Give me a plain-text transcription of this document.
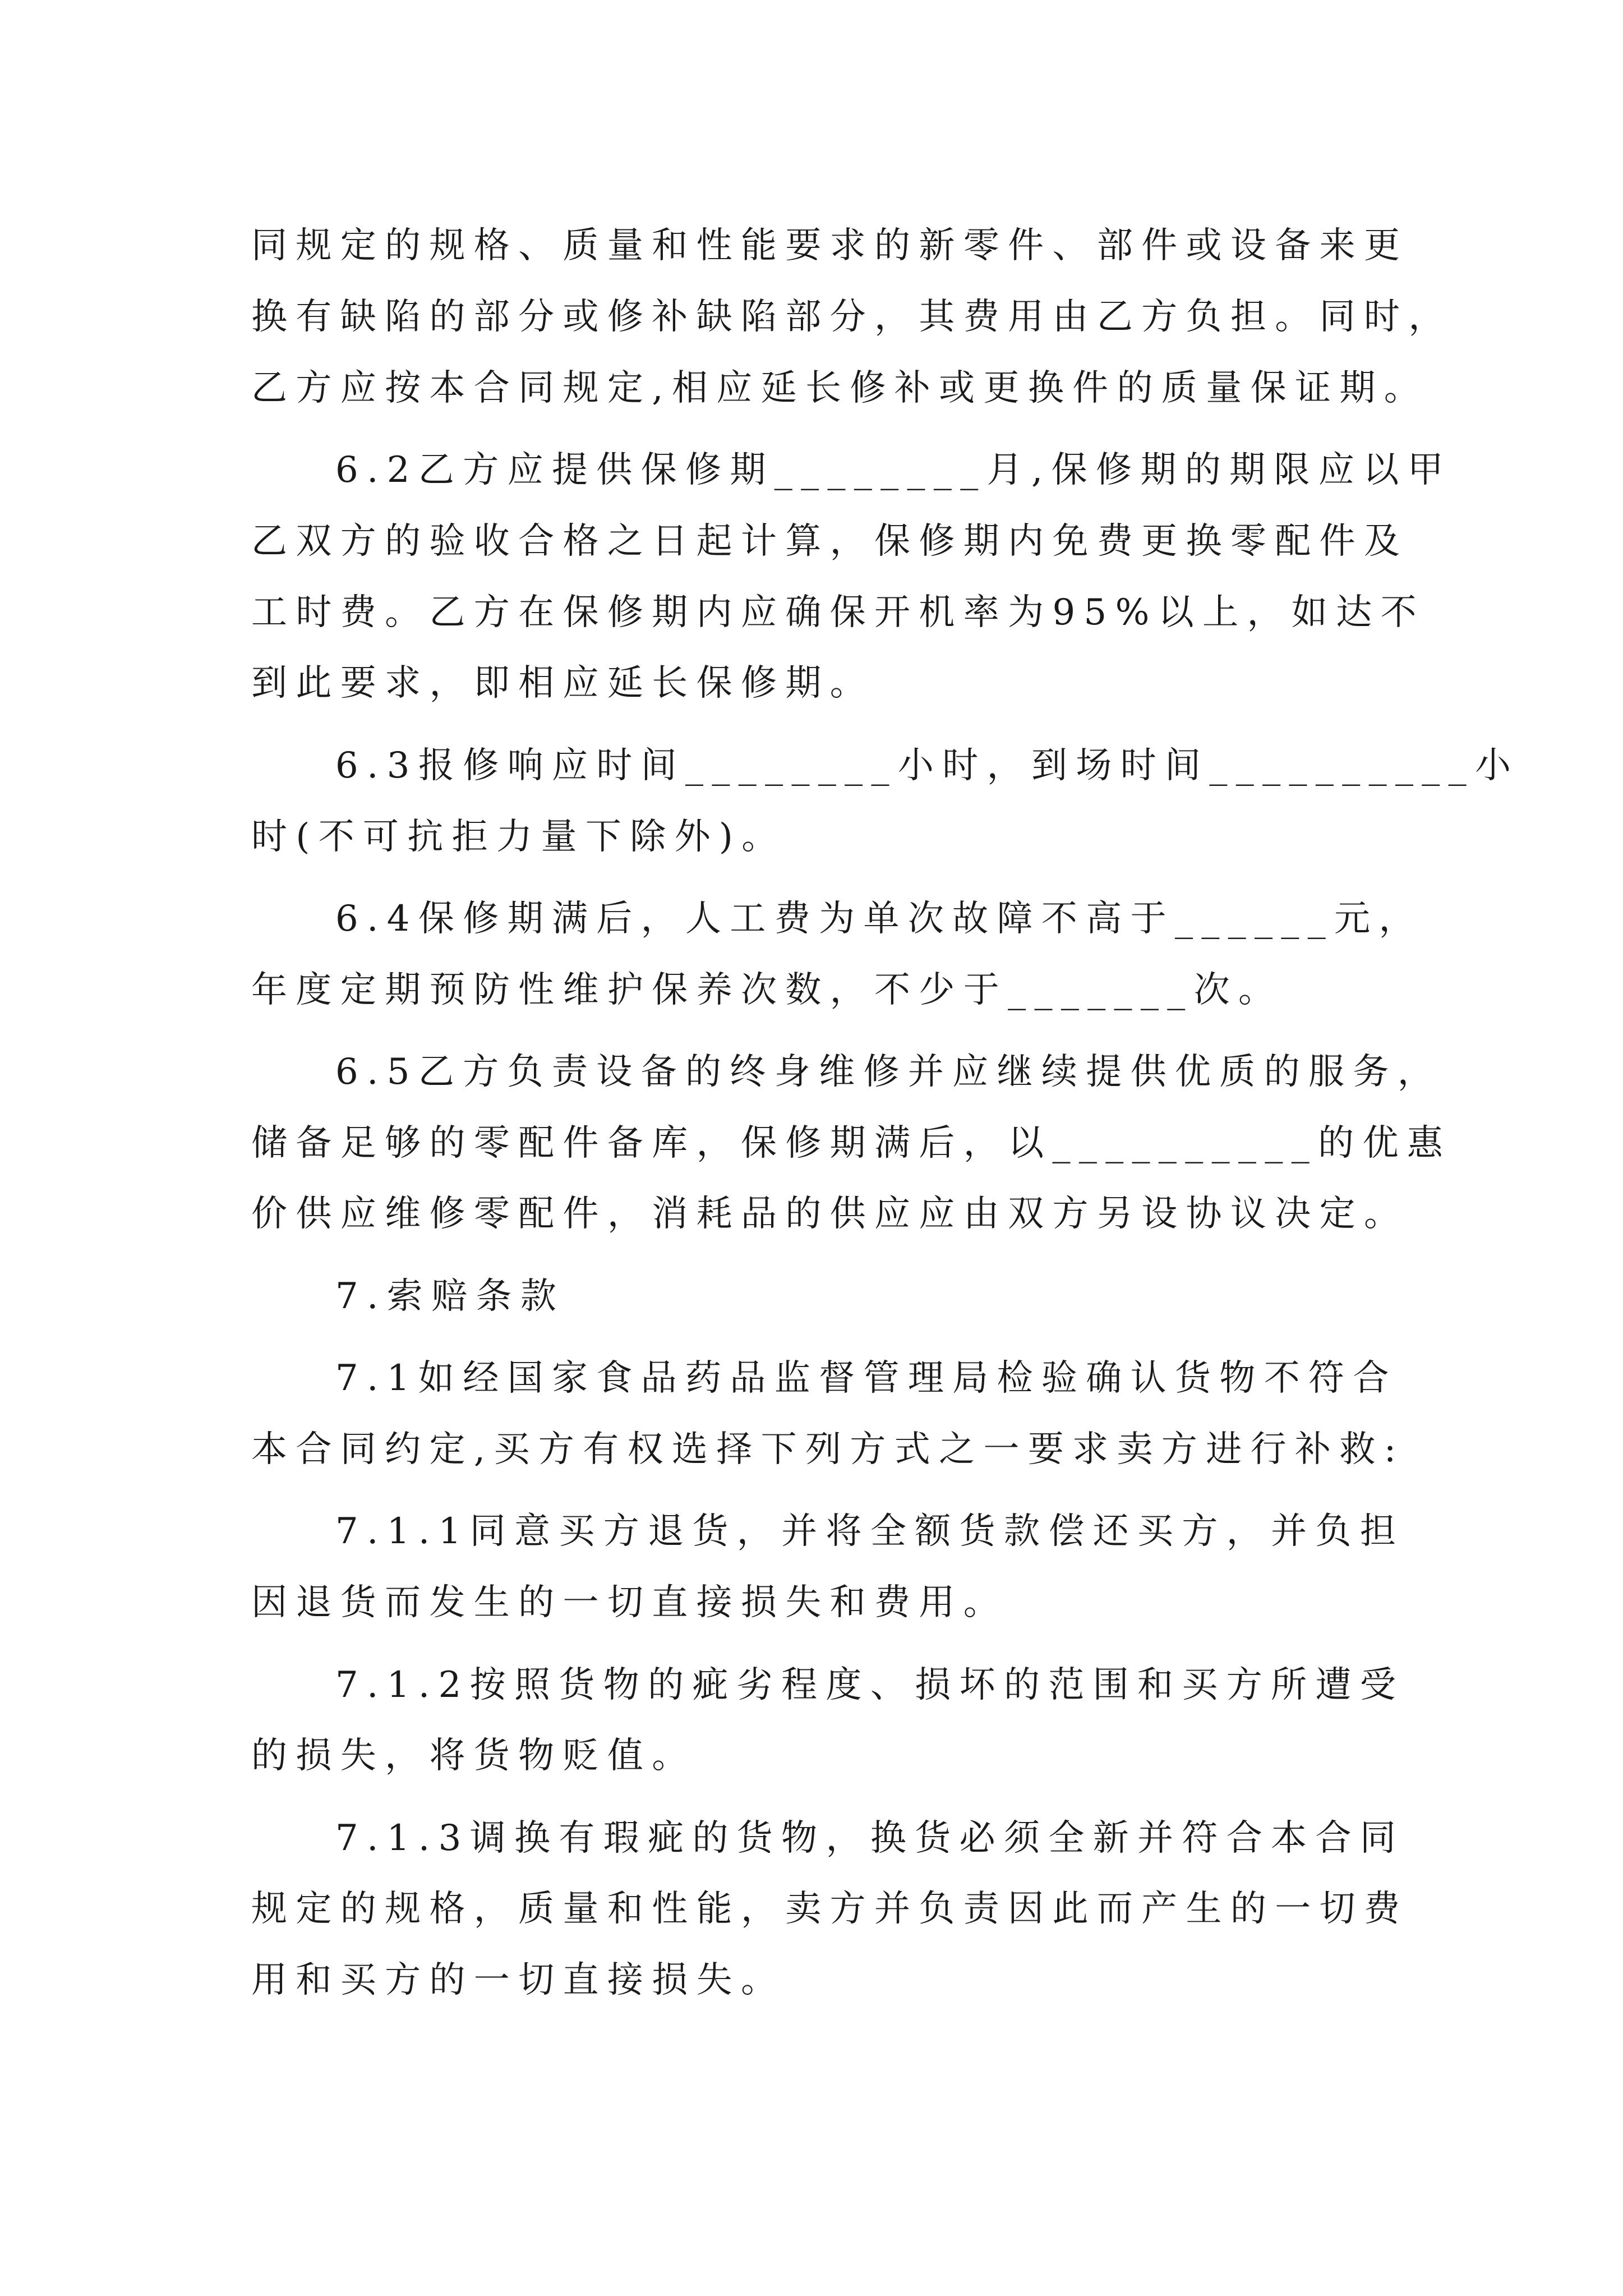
同规定的规格、质量和性能要求的新零件、部件或设备来更
换有缺陷的部分或修补缺陷部分，其费用由乙方负担。同时，
乙方应按本合同规定,相应延长修补或更换件的质量保证期。
6.2乙方应提供保修期________月,保修期的期限应以甲
乙双方的验收合格之日起计算，保修期内免费更换零配件及
工时费。乙方在保修期内应确保开机率为95%以上，如达不
到此要求，即相应延长保修期。
6.3报修响应时间________小时，到场时间__________小
时(不可抗拒力量下除外)。
6.4保修期满后，人工费为单次故障不高于______元，
年度定期预防性维护保养次数，不少于_______次。
6.5乙方负责设备的终身维修并应继续提供优质的服务，
储备足够的零配件备库，保修期满后，以__________的优惠
价供应维修零配件，消耗品的供应应由双方另设协议决定。
7.索赔条款
7.1如经国家食品药品监督管理局检验确认货物不符合
本合同约定,买方有权选择下列方式之一要求卖方进行补救:
7.1.1同意买方退货，并将全额货款偿还买方，并负担
因退货而发生的一切直接损失和费用。
7.1.2按照货物的疵劣程度、损坏的范围和买方所遭受
的损失，将货物贬值。
7.1.3调换有瑕疵的货物，换货必须全新并符合本合同
规定的规格，质量和性能，卖方并负责因此而产生的一切费
用和买方的一切直接损失。
